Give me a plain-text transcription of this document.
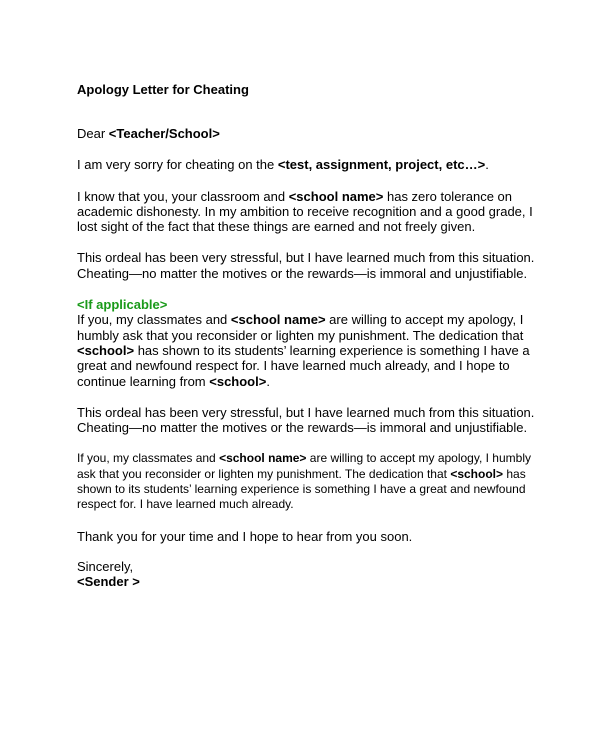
Apology Letter for Cheating

Dear <Teacher/School>

I am very sorry for cheating on the <test, assignment, project, etc…>.

I know that you, your classroom and <school name> has zero tolerance on academic dishonesty. In my ambition to receive recognition and a good grade, I lost sight of the fact that these things are earned and not freely given.

This ordeal has been very stressful, but I have learned much from this situation. Cheating—no matter the motives or the rewards—is immoral and unjustifiable.

<If applicable>
If you, my classmates and <school name> are willing to accept my apology, I humbly ask that you reconsider or lighten my punishment. The dedication that <school> has shown to its students’ learning experience is something I have a great and newfound respect for. I have learned much already, and I hope to continue learning from <school>.

This ordeal has been very stressful, but I have learned much from this situation. Cheating—no matter the motives or the rewards—is immoral and unjustifiable.

If you, my classmates and <school name> are willing to accept my apology, I humbly ask that you reconsider or lighten my punishment. The dedication that <school> has shown to its students’ learning experience is something I have a great and newfound respect for. I have learned much already.

Thank you for your time and I hope to hear from you soon.

Sincerely,
<Sender >
